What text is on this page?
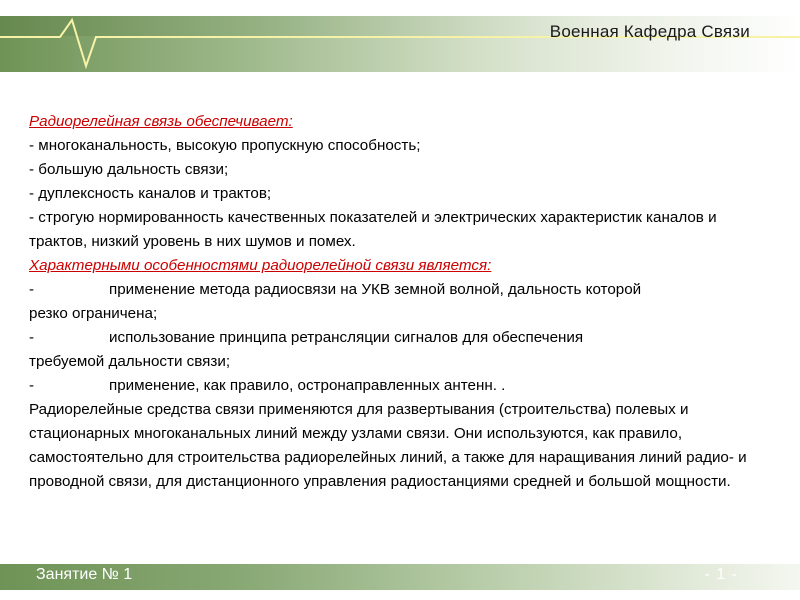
Военная Кафедра Связи

Радиорелейная связь обеспечивает:

- многоканальность, высокую пропускную способность;

- большую дальность связи;

- дуплексность каналов и трактов;

- строгую нормированность качественных показателей и электрических характеристик каналов и трактов, низкий уровень в них шумов и помех.

Характерными особенностями радиорелейной связи является:

-	применение метода радиосвязи на УКВ земной волной, дальность которой

резко ограничена;

-	использование принципа ретрансляции сигналов для обеспечения

требуемой дальности связи;

-	применение, как правило, остронаправленных антенн. .

Радиорелейные средства связи применяются для развертывания (строительства) полевых и стационарных многоканальных линий между узлами связи. Они используются, как правило, самостоятельно для строительства радиорелейных линий, а также для наращивания линий радио- и проводной связи, для дистанционного управления радиостанциями средней и большой мощности.

Занятие № 1	- 1 -
